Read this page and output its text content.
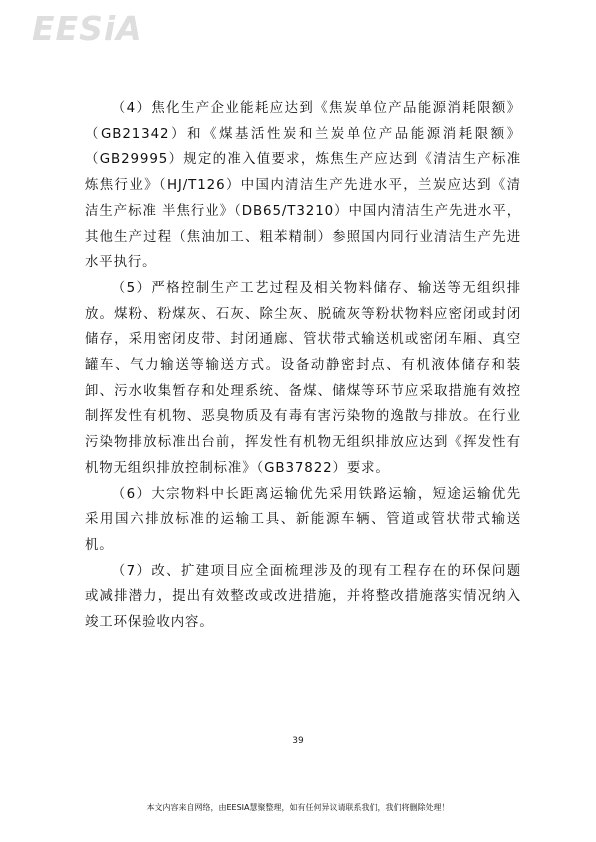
EESiA

（4）焦化生产企业能耗应达到《焦炭单位产品能源消耗限额》（GB21342）和《煤基活性炭和兰炭单位产品能源消耗限额》（GB29995）规定的准入值要求，炼焦生产应达到《清洁生产标准 炼焦行业》（HJ/T126）中国内清洁生产先进水平，兰炭应达到《清洁生产标准 半焦行业》（DB65/T3210）中国内清洁生产先进水平，其他生产过程（焦油加工、粗苯精制）参照国内同行业清洁生产先进水平执行。

（5）严格控制生产工艺过程及相关物料储存、输送等无组织排放。煤粉、粉煤灰、石灰、除尘灰、脱硫灰等粉状物料应密闭或封闭储存，采用密闭皮带、封闭通廊、管状带式输送机或密闭车厢、真空罐车、气力输送等输送方式。设备动静密封点、有机液体储存和装卸、污水收集暂存和处理系统、备煤、储煤等环节应采取措施有效控制挥发性有机物、恶臭物质及有毒有害污染物的逸散与排放。在行业污染物排放标准出台前，挥发性有机物无组织排放应达到《挥发性有机物无组织排放控制标准》（GB37822）要求。

（6）大宗物料中长距离运输优先采用铁路运输，短途运输优先采用国六排放标准的运输工具、新能源车辆、管道或管状带式输送机。

（7）改、扩建项目应全面梳理涉及的现有工程存在的环保问题或减排潜力，提出有效整改或改进措施，并将整改措施落实情况纳入竣工环保验收内容。

39
本文内容来自网络，由EESIA慧聚整理，如有任何异议请联系我们，我们将删除处理！
